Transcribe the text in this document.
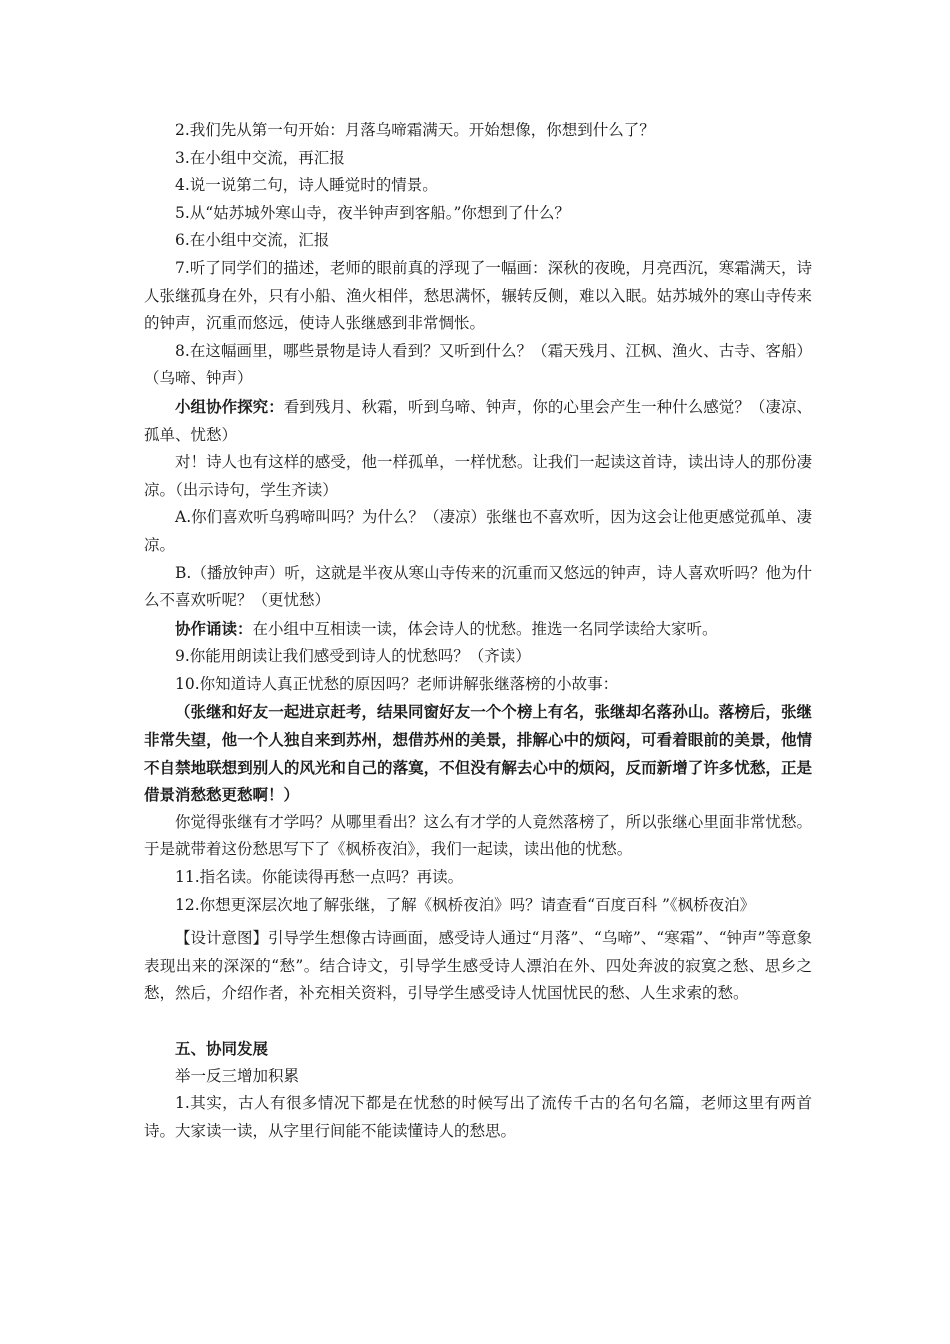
2.我们先从第一句开始：月落乌啼霜满天。开始想像，你想到什么了？

3.在小组中交流，再汇报

4.说一说第二句，诗人睡觉时的情景。

5.从“姑苏城外寒山寺，夜半钟声到客船。”你想到了什么？

6.在小组中交流，汇报

7.听了同学们的描述，老师的眼前真的浮现了一幅画：深秋的夜晚，月亮西沉，寒霜满天，诗人张继孤身在外，只有小船、渔火相伴，愁思满怀，辗转反侧，难以入眠。姑苏城外的寒山寺传来的钟声，沉重而悠远，使诗人张继感到非常惆怅。

8.在这幅画里，哪些景物是诗人看到？又听到什么？（霜天残月、江枫、渔火、古寺、客船）（乌啼、钟声）

小组协作探究：看到残月、秋霜，听到乌啼、钟声，你的心里会产生一种什么感觉？（凄凉、孤单、忧愁）

对！诗人也有这样的感受，他一样孤单，一样忧愁。让我们一起读这首诗，读出诗人的那份凄凉。（出示诗句，学生齐读）

A.你们喜欢听乌鸦啼叫吗？为什么？（凄凉）张继也不喜欢听，因为这会让他更感觉孤单、凄凉。

B.（播放钟声）听，这就是半夜从寒山寺传来的沉重而又悠远的钟声，诗人喜欢听吗？他为什么不喜欢听呢？（更忧愁）

协作诵读：在小组中互相读一读，体会诗人的忧愁。推选一名同学读给大家听。

9.你能用朗读让我们感受到诗人的忧愁吗？（齐读）

10.你知道诗人真正忧愁的原因吗？老师讲解张继落榜的小故事：

（张继和好友一起进京赶考，结果同窗好友一个个榜上有名，张继却名落孙山。落榜后，张继非常失望，他一个人独自来到苏州，想借苏州的美景，排解心中的烦闷，可看着眼前的美景，他情不自禁地联想到别人的风光和自己的落寞，不但没有解去心中的烦闷，反而新增了许多忧愁，正是借景消愁愁更愁啊！）

你觉得张继有才学吗？从哪里看出？这么有才学的人竟然落榜了，所以张继心里面非常忧愁。于是就带着这份愁思写下了《枫桥夜泊》，我们一起读，读出他的忧愁。

11.指名读。你能读得再愁一点吗？再读。

12.你想更深层次地了解张继，了解《枫桥夜泊》吗？请查看“百度百科 ”《枫桥夜泊》

【设计意图】引导学生想像古诗画面，感受诗人通过“月落”、“乌啼”、“寒霜”、“钟声”等意象表现出来的深深的“愁”。结合诗文，引导学生感受诗人漂泊在外、四处奔波的寂寞之愁、思乡之愁，然后，介绍作者，补充相关资料，引导学生感受诗人忧国忧民的愁、人生求索的愁。

五、协同发展

举一反三增加积累

1.其实，古人有很多情况下都是在忧愁的时候写出了流传千古的名句名篇，老师这里有两首诗。大家读一读，从字里行间能不能读懂诗人的愁思。
